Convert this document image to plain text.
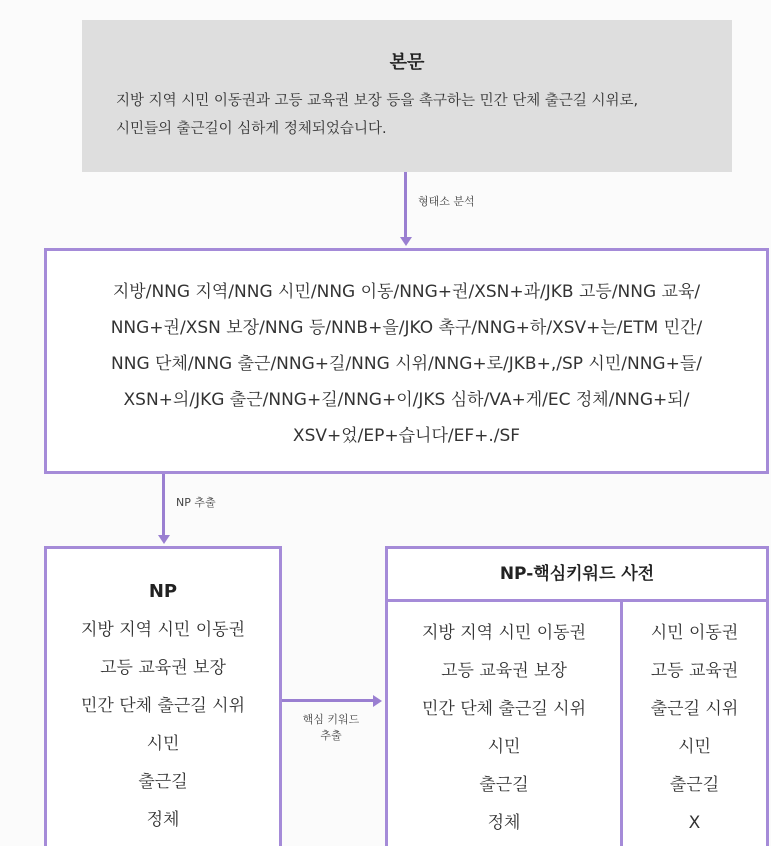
본문
지방 지역 시민 이동권과 고등 교육권 보장 등을 촉구하는 민간 단체 출근길 시위로,
시민들의 출근길이 심하게 정체되었습니다.
형태소 분석
지방/NNG 지역/NNG 시민/NNG 이동/NNG+권/XSN+과/JKB 고등/NNG 교육/
NNG+권/XSN 보장/NNG 등/NNB+을/JKO 촉구/NNG+하/XSV+는/ETM 민간/
NNG 단체/NNG 출근/NNG+길/NNG 시위/NNG+로/JKB+,/SP 시민/NNG+들/
XSN+의/JKG 출근/NNG+길/NNG+이/JKS 심하/VA+게/EC 정체/NNG+되/
XSV+었/EP+습니다/EF+./SF
NP 추출
NP
지방 지역 시민 이동권
고등 교육권 보장
민간 단체 출근길 시위
시민
출근길
정체
핵심 키워드
추출
NP-핵심키워드 사전
지방 지역 시민 이동권
고등 교육권 보장
민간 단체 출근길 시위
시민
출근길
정체
시민 이동권
고등 교육권
출근길 시위
시민
출근길
X
